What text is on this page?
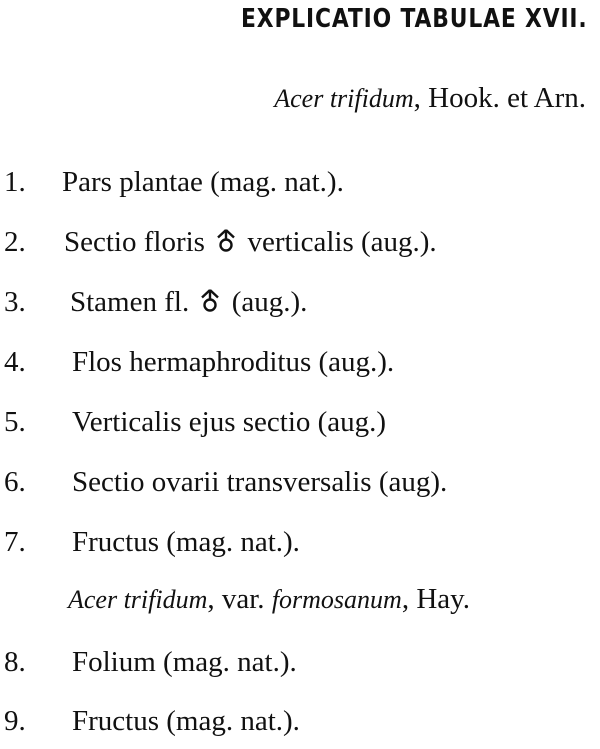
EXPLICATIO TABULAE XVII.
Acer trifidum, Hook. et Arn.
1. Pars plantae (mag. nat.).
2. Sectio floris verticalis (aug.).
3. Stamen fl. (aug.).
4. Flos hermaphroditus (aug.).
5. Verticalis ejus sectio (aug.)
6. Sectio ovarii transversalis (aug).
7. Fructus (mag. nat.).
Acer trifidum, var. formosanum, Hay.
8. Folium (mag. nat.).
9. Fructus (mag. nat.).
